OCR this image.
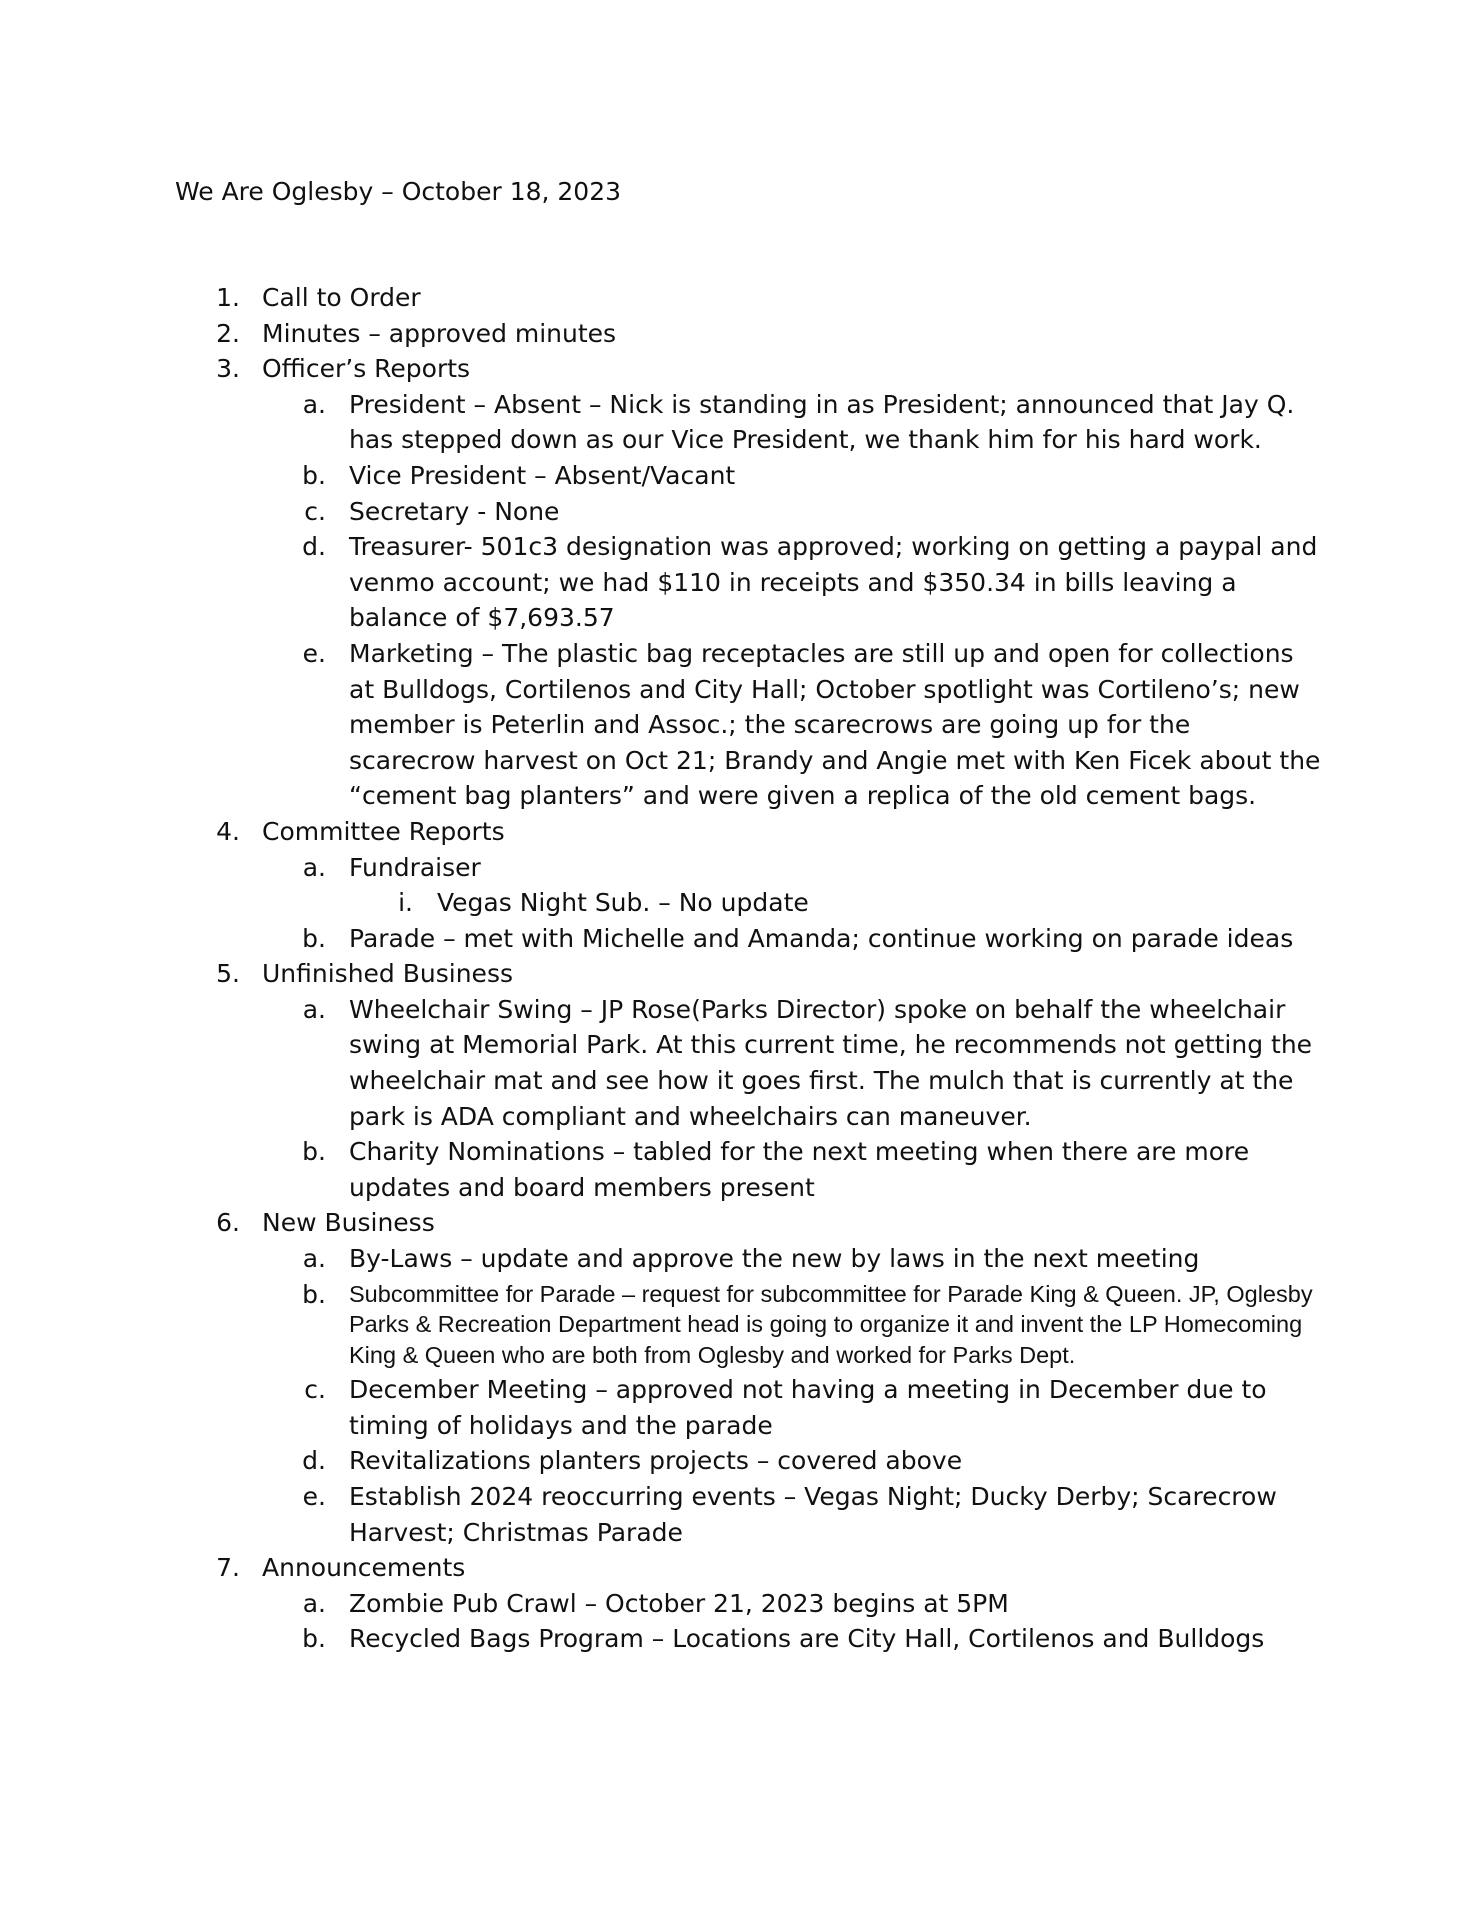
We Are Oglesby – October 18, 2023
1. Call to Order
2. Minutes – approved minutes
3. Officer’s Reports
a. President – Absent – Nick is standing in as President; announced that Jay Q. has stepped down as our Vice President, we thank him for his hard work.
b. Vice President – Absent/Vacant
c. Secretary - None
d. Treasurer- 501c3 designation was approved; working on getting a paypal and venmo account; we had $110 in receipts and $350.34 in bills leaving a balance of $7,693.57
e. Marketing – The plastic bag receptacles are still up and open for collections at Bulldogs, Cortilenos and City Hall; October spotlight was Cortileno’s; new member is Peterlin and Assoc.; the scarecrows are going up for the scarecrow harvest on Oct 21; Brandy and Angie met with Ken Ficek about the “cement bag planters” and were given a replica of the old cement bags.
4. Committee Reports
a. Fundraiser
i. Vegas Night Sub. – No update
b. Parade – met with Michelle and Amanda; continue working on parade ideas
5. Unfinished Business
a. Wheelchair Swing – JP Rose(Parks Director) spoke on behalf the wheelchair swing at Memorial Park. At this current time, he recommends not getting the wheelchair mat and see how it goes first. The mulch that is currently at the park is ADA compliant and wheelchairs can maneuver.
b. Charity Nominations – tabled for the next meeting when there are more updates and board members present
6. New Business
a. By-Laws – update and approve the new by laws in the next meeting
b. Subcommittee for Parade – request for subcommittee for Parade King & Queen. JP, Oglesby Parks & Recreation Department head is going to organize it and invent the LP Homecoming King & Queen who are both from Oglesby and worked for Parks Dept.
c. December Meeting – approved not having a meeting in December due to timing of holidays and the parade
d. Revitalizations planters projects – covered above
e. Establish 2024 reoccurring events – Vegas Night; Ducky Derby; Scarecrow Harvest; Christmas Parade
7. Announcements
a. Zombie Pub Crawl – October 21, 2023 begins at 5PM
b. Recycled Bags Program – Locations are City Hall, Cortilenos and Bulldogs
